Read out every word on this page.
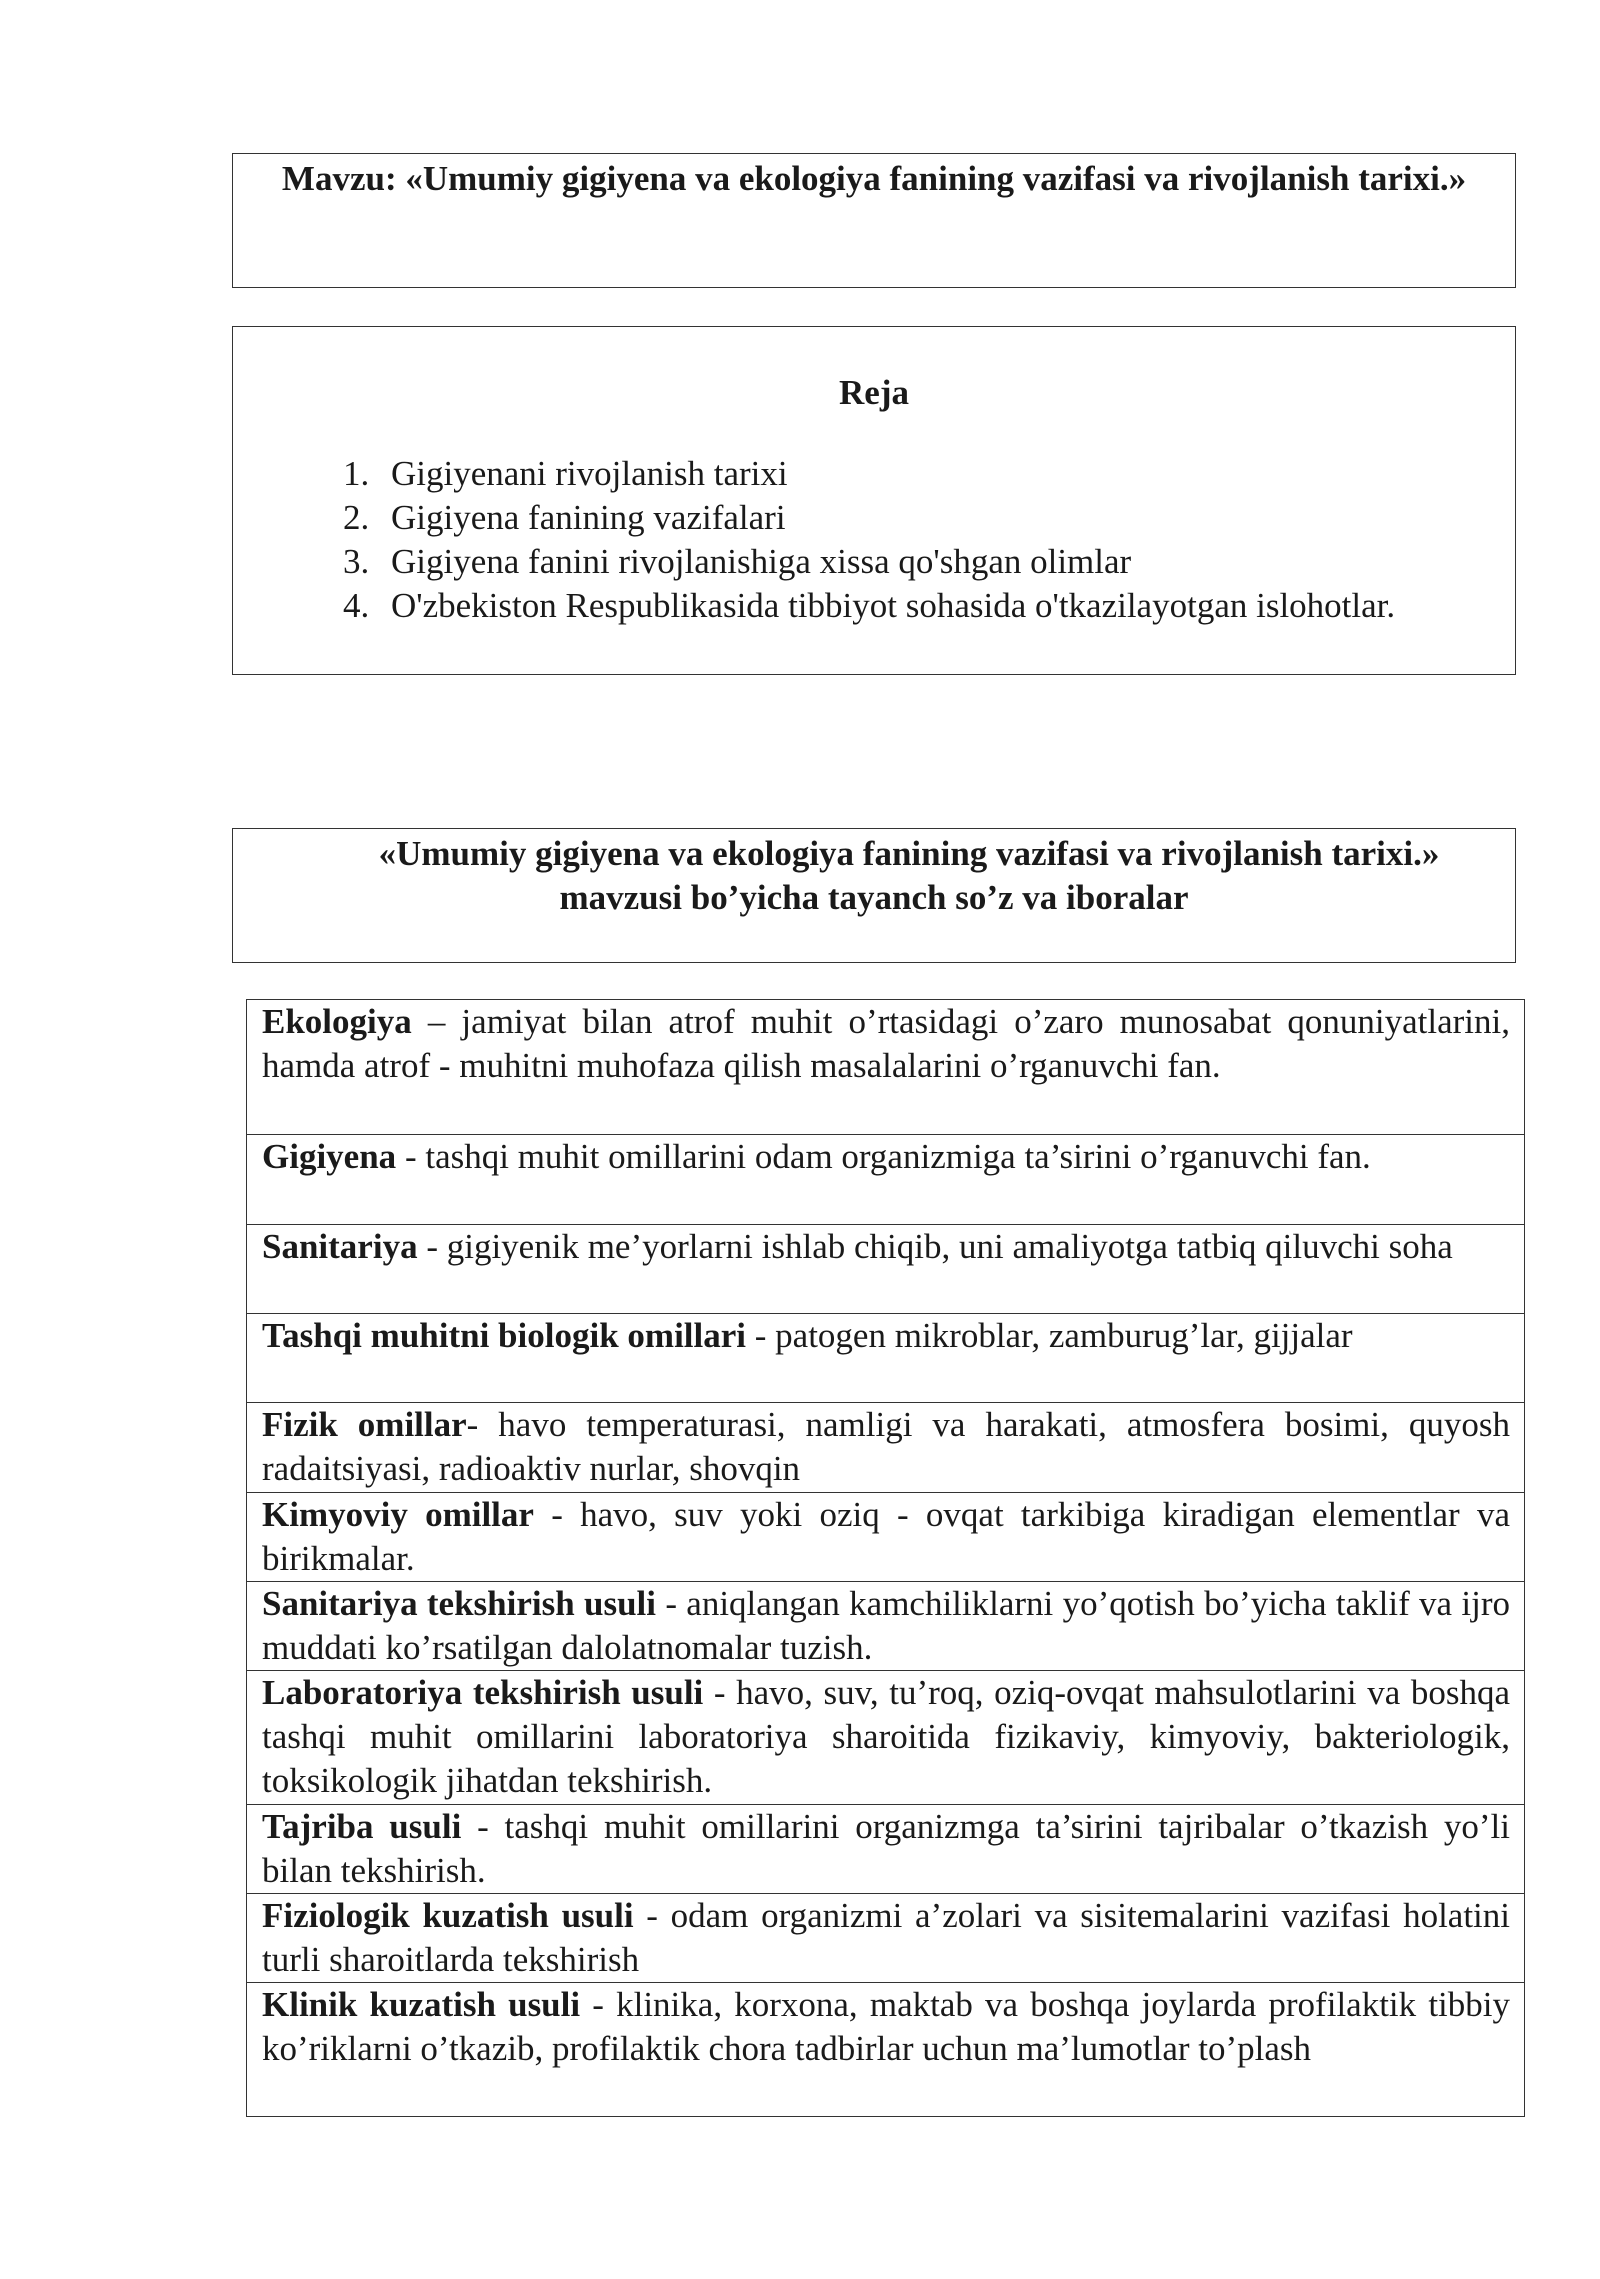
Mavzu: «Umumiy gigiyena va ekologiya fanining vazifasi va rivojlanish tarixi.»

Reja

1. Gigiyenani rivojlanish tarixi
2. Gigiyena fanining vazifalari
3. Gigiyena fanini rivojlanishiga xissa qo'shgan olimlar
4. O'zbekiston Respublikasida tibbiyot sohasida o'tkazilayotgan islohotlar.

«Umumiy gigiyena va ekologiya fanining vazifasi va rivojlanish tarixi.»
mavzusi bo’yicha tayanch so’z va iboralar

Ekologiya – jamiyat bilan atrof muhit o’rtasidagi o’zaro munosabat qonuniyatlarini, hamda atrof - muhitni muhofaza qilish masalalarini o’rganuvchi fan.
Gigiyena - tashqi muhit omillarini odam organizmiga ta’sirini o’rganuvchi fan.
Sanitariya - gigiyenik me’yorlarni ishlab chiqib, uni amaliyotga tatbiq qiluvchi soha
Tashqi muhitni biologik omillari - patogen mikroblar, zamburug’lar, gijjalar
Fizik omillar- havo temperaturasi, namligi va harakati, atmosfera bosimi, quyosh radaitsiyasi, radioaktiv nurlar, shovqin
Kimyoviy omillar - havo, suv yoki oziq - ovqat tarkibiga kiradigan elementlar va birikmalar.
Sanitariya tekshirish usuli - aniqlangan kamchiliklarni yo’qotish bo’yicha taklif va ijro muddati ko’rsatilgan dalolatnomalar tuzish.
Laboratoriya tekshirish usuli - havo, suv, tu’roq, oziq-ovqat mahsulotlarini va boshqa tashqi muhit omillarini laboratoriya sharoitida fizikaviy, kimyoviy, bakteriologik, toksikologik jihatdan tekshirish.
Tajriba usuli - tashqi muhit omillarini organizmga ta’sirini tajribalar o’tkazish yo’li bilan tekshirish.
Fiziologik kuzatish usuli - odam organizmi a’zolari va sisitemalarini vazifasi holatini turli sharoitlarda tekshirish
Klinik kuzatish usuli - klinika, korxona, maktab va boshqa joylarda profilaktik tibbiy ko’riklarni o’tkazib, profilaktik chora tadbirlar uchun ma’lumotlar to’plash
